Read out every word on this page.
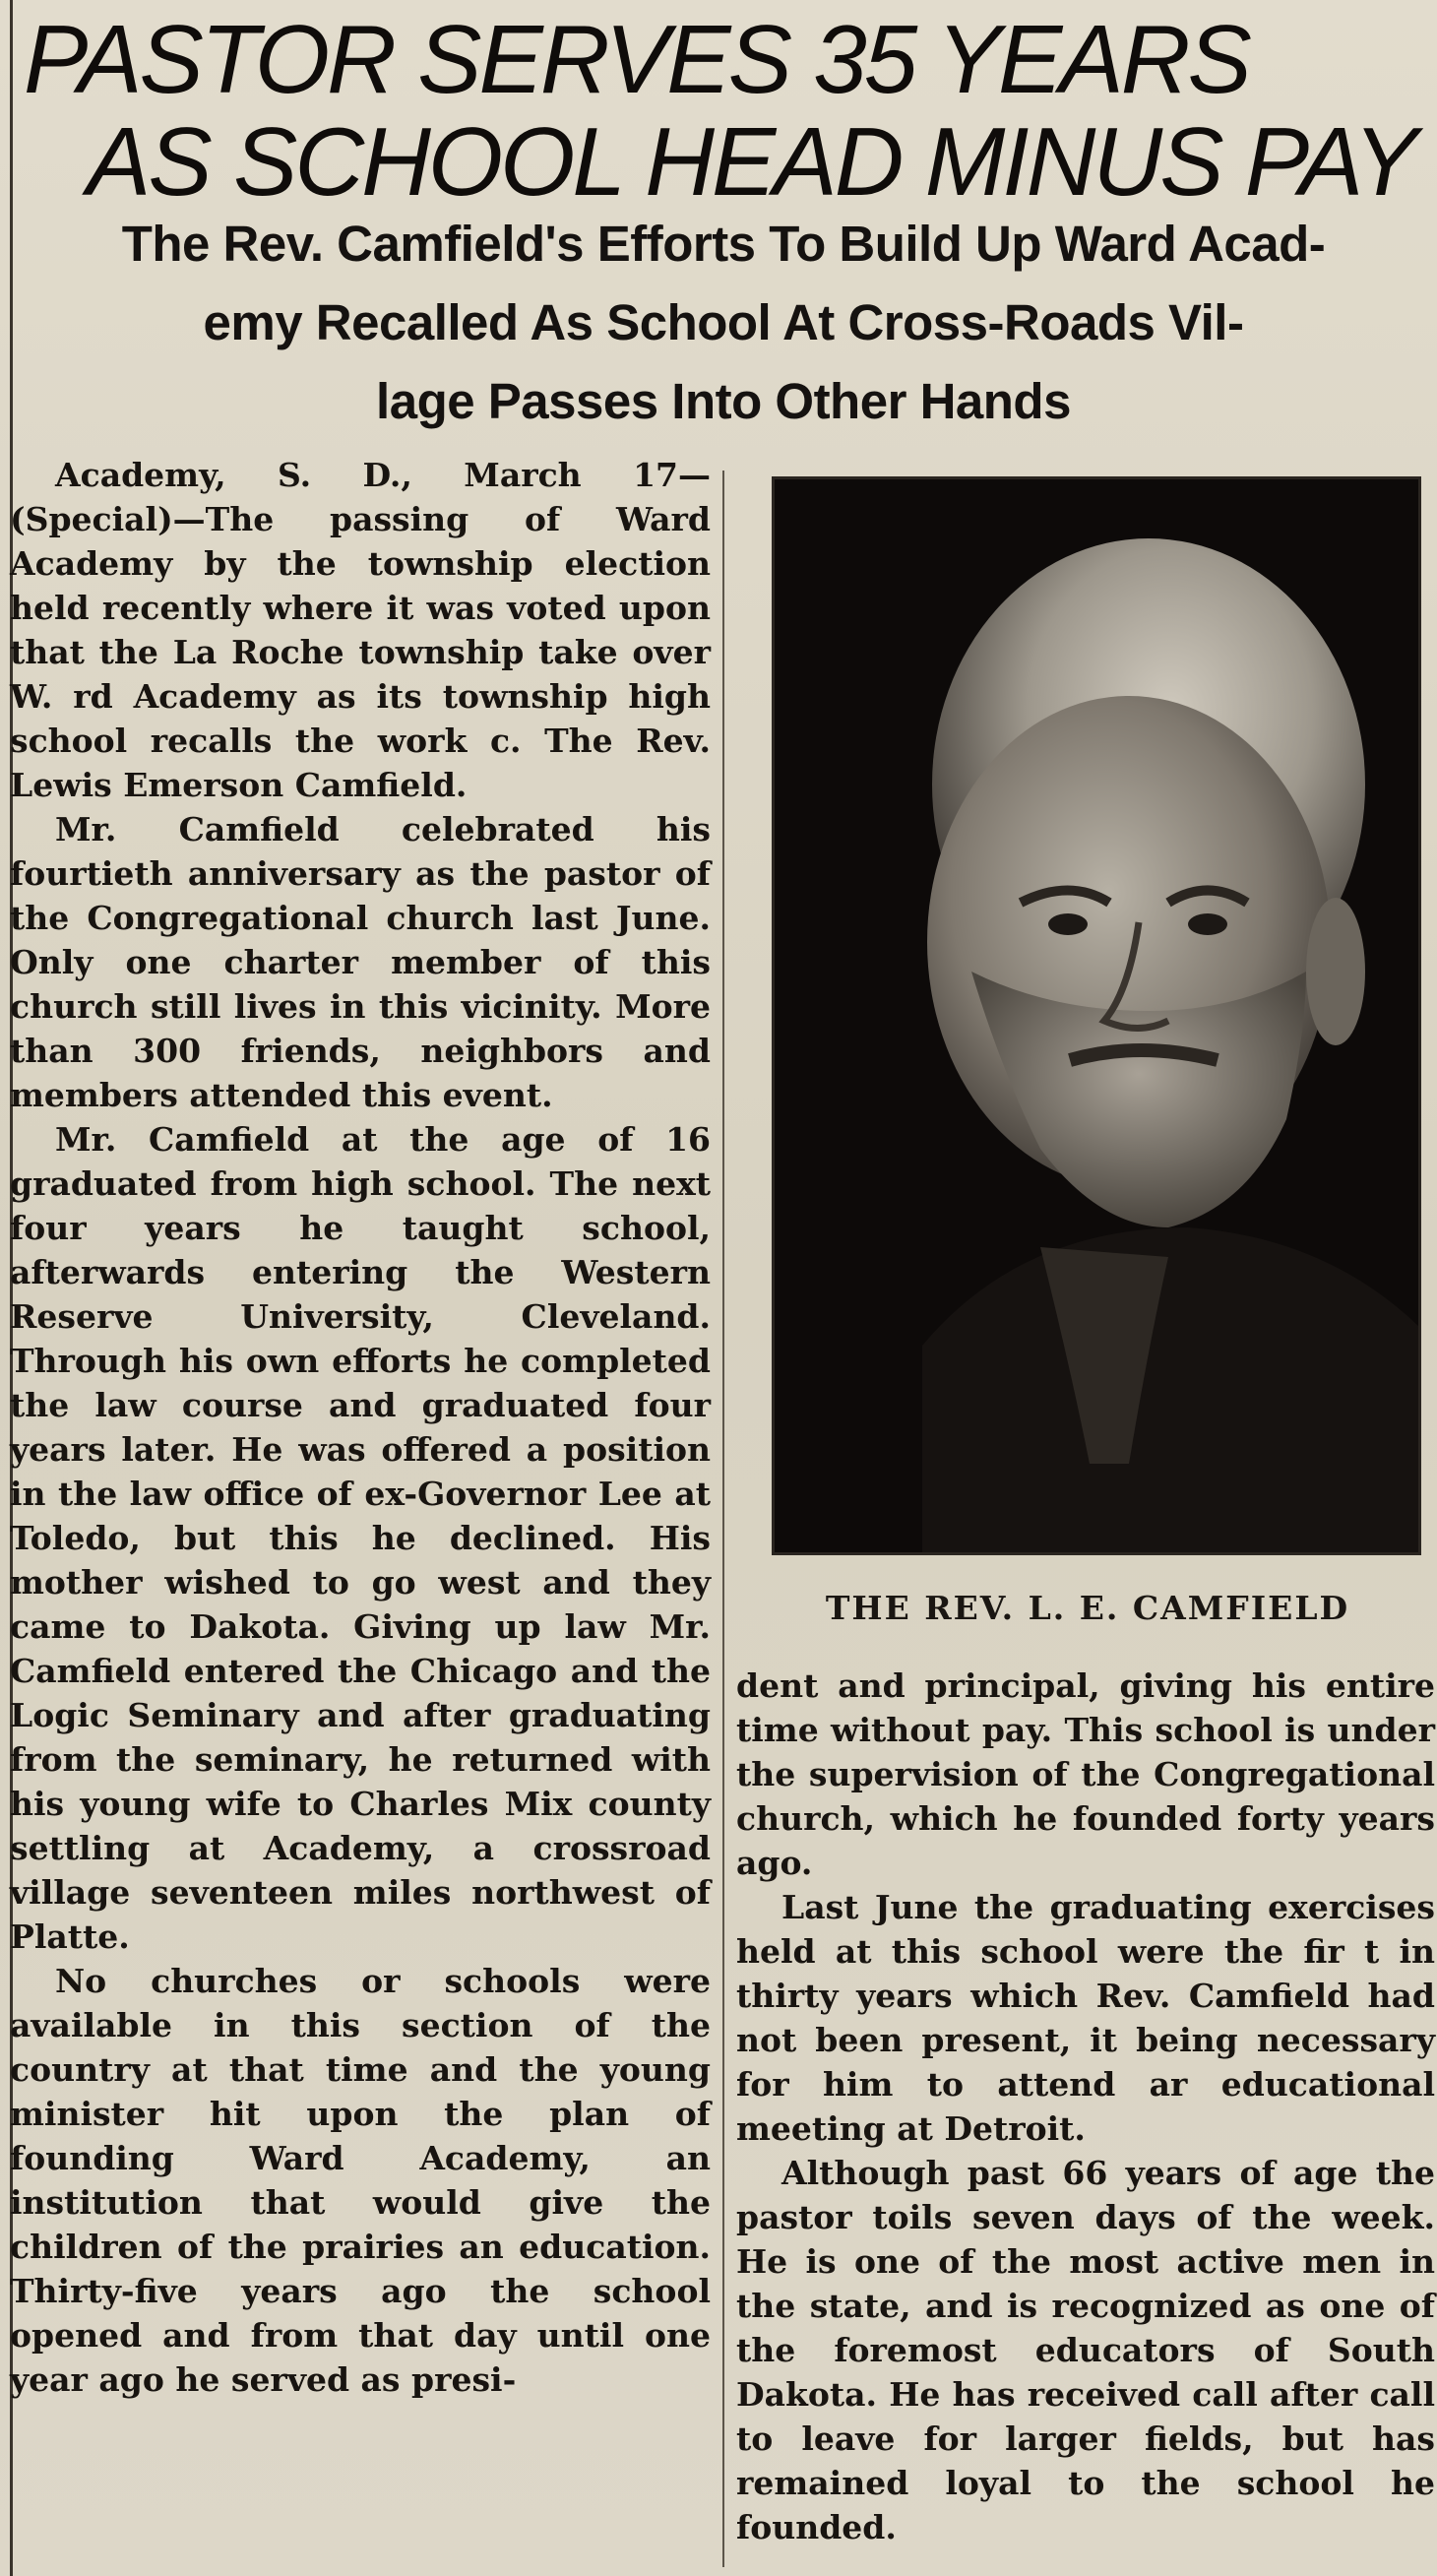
PASTOR SERVES 35 YEARS
AS SCHOOL HEAD MINUS PAY
The Rev. Camfield's Efforts To Build Up Ward Acad-
emy Recalled As School At Cross-Roads Vil-
lage Passes Into Other Hands

Academy, S. D., March 17—(Special)—The passing of Ward Academy by the township election held recently where it was voted upon that the La Roche township take over W. rd Academy as its township high school recalls the work c. The Rev. Lewis Emerson Camfield.

Mr. Camfield celebrated his fourtieth anniversary as the pastor of the Congregational church last June. Only one charter member of this church still lives in this vicinity. More than 300 friends, neighbors and members attended this event.

Mr. Camfield at the age of 16 graduated from high school. The next four years he taught school, afterwards entering the Western Reserve University, Cleveland. Through his own efforts he completed the law course and graduated four years later. He was offered a position in the law office of ex-Governor Lee at Toledo, but this he declined. His mother wished to go west and they came to Dakota. Giving up law Mr. Camfield entered the Chicago and the Logic Seminary and after graduating from the seminary, he returned with his young wife to Charles Mix county settling at Academy, a crossroad village seventeen miles northwest of Platte.

No churches or schools were available in this section of the country at that time and the young minister hit upon the plan of founding Ward Academy, an institution that would give the children of the prairies an education. Thirty-five years ago the school opened and from that day until one year ago he served as presi-

THE REV. L. E. CAMFIELD

dent and principal, giving his entire time without pay. This school is under the supervision of the Congregational church, which he founded forty years ago.

Last June the graduating exercises held at this school were the fir t in thirty years which Rev. Camfield had not been present, it being necessary for him to attend ar educational meeting at Detroit.

Although past 66 years of age the pastor toils seven days of the week. He is one of the most active men in the state, and is recognized as one of the foremost educators of South Dakota. He has received call after call to leave for larger fields, but has remained loyal to the school he founded.
